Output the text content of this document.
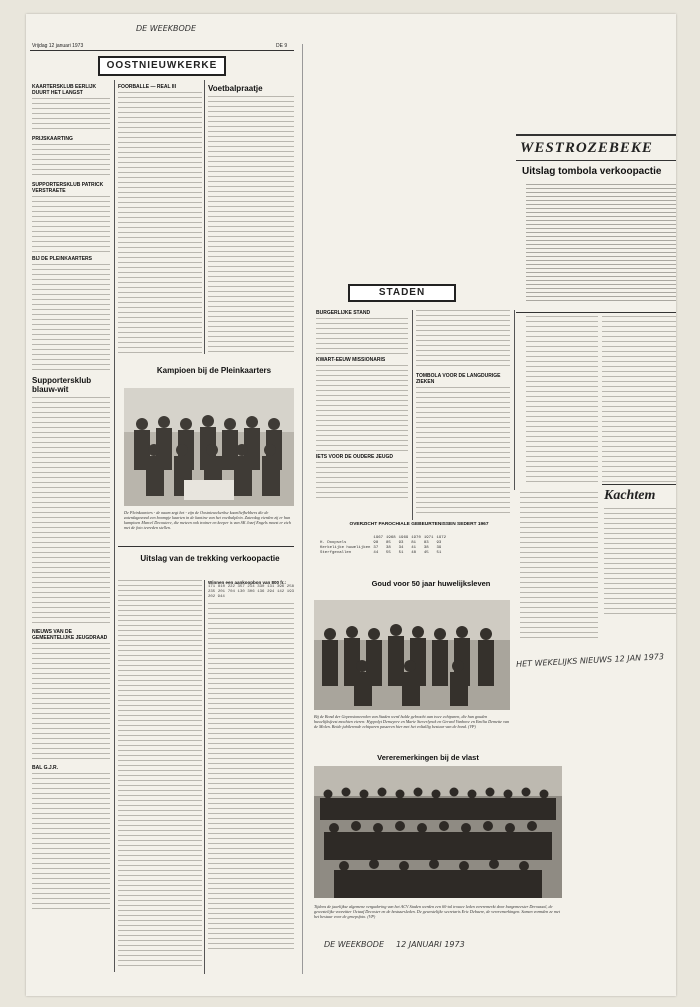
DE WEEKBODE
Vrijdag 12 januari 1973	DE 9
OOSTNIEUWKERKE

KAARTERSKLUB EERLIJK DUURT HET LANGST

PRIJSKAARTING

SUPPORTERSKLUB PATRICK VERSTRAETE

BIJ DE PLEINKAARTERS

Supportersklub blauw-wit

NIEUWS VAN DE GEMEENTELIJKE JEUGDRAAD

BAL G.J.R.

FOORBALLE — REAL III	Voetbalpraatje

Kampioen bij de Pleinkaarters

De Pleinkaarters - de naam zegt het - zijn de Oostnieuwkerkse kaartliefhebbers die de zaterdagavond een boompje kaarten in de kantine van het voetbalplein. Zaterdag vierden zij er hun kampioen Marcel Decoutere, die meteen ook trainer en keeper is van SK Jozef Engels moest er zich met de foto tevreden stellen.

Uitslag van de trekking verkoopactie

Winnen een aankoopbon van 800 fr.:

171 810 222 357 214 330 131 396 258 235 201 704 130 306 136 294 142 193 202 944

WESTROZEBEKE

Uitslag tombola verkoopactie

Kachtem
STADEN

BURGERLIJKE STAND

KWART-EEUW MISSIONARIS

IETS VOOR DE OUDERE JEUGD

TOMBOLA VOOR DE LANGDURIGE ZIEKEN

OVERZICHT PAROCHIALE GEBEURTENISSEN SEDERT 1967

	1967	1968	1969	1970	1971	1972
H. Doopsels	98	85	93	81	83	93
Kerkelijke huwelijken	37	38	34	41	38	39
Sterfgevallen	44	55	51	48	45	51

Goud voor 50 jaar huwelijksleven

Bij de Bond der Gepensioneerden van Staden werd hulde gebracht aan twee echtparen, die hun gouden huwelijksfeest mochten vieren: Hyppolyt Demeyere en Marie Steverlynck en Gerard Vanhove en Emilia Demette van de Molen. Beide jubilerende echtparen passeren hier met het voltallig bestuur van de bond. (VP)
HET WEKELIJKS NIEUWS 12 JAN 1973

Vereremerkingen bij de vlast

Tijdens de jaarlijkse algemene vergadering van het ACV Staden werden een 60-tal trouwe leden vereremerkt door burgemeester Deroussol, de gewestelijke voorzitter Octaaf Decoster en de bestuursleden. De gewestelijke secretaris Eric Debaere, de vereremerkingen. Samen vormden ze met het bestuur voor de groepsfoto. (VP)
DE WEEKBODE 12 JANUARI 1973
